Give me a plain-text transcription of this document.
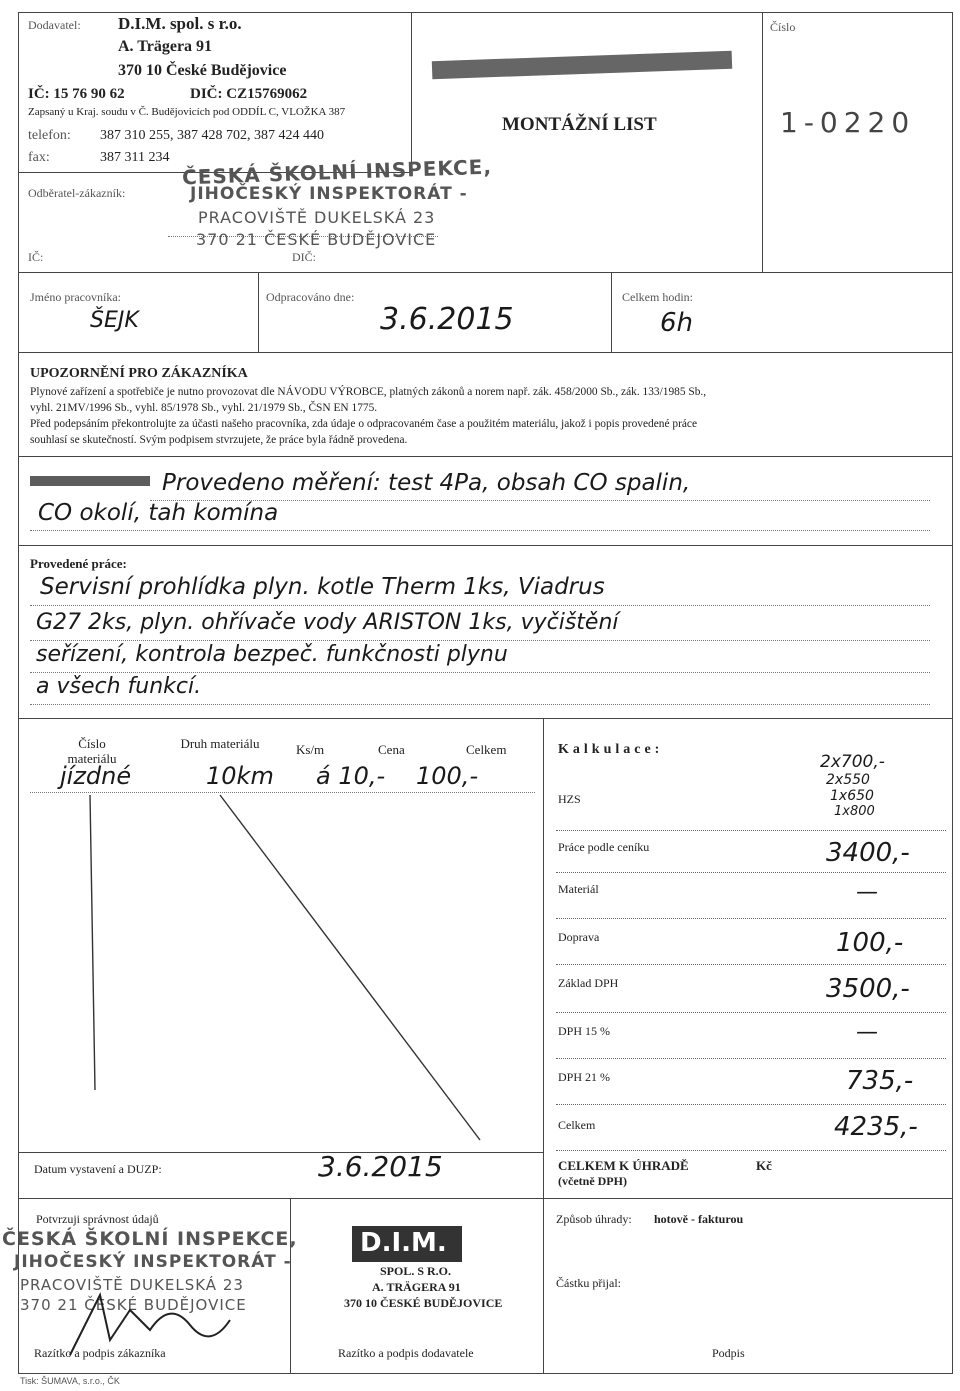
Dodavatel: D.I.M. spol. s r.o.
A. Trägera 91
370 10 České Budějovice
IČ: 15 76 90 62	DIČ: CZ15769062
Zapsaný u Kraj. soudu v Č. Budějovicích pod ODDÍL C, VLOŽKA 387
telefon: 387 310 255, 387 428 702, 387 424 440
fax:	387 311 234
MONTÁŽNÍ LIST
Číslo
1-0220
Odběratel-zákazník:
IČ:	DIČ:
ČESKÁ ŠKOLNÍ INSPEKCE,
JIHOČESKÝ INSPEKTORÁT -
PRACOVIŠTĚ DUKELSKÁ 23
370 21 ČESKÉ BUDĚJOVICE
Jméno pracovníka:
ŠEJK
Odpracováno dne:
3.6.2015
Celkem hodin:
6h
UPOZORNĚNÍ PRO ZÁKAZNÍKA
Plynové zařízení a spotřebiče je nutno provozovat dle NÁVODU VÝROBCE, platných zákonů a norem např. zák. 458/2000 Sb., zák. 133/1985 Sb.,
vyhl. 21MV/1996 Sb., vyhl. 85/1978 Sb., vyhl. 21/1979 Sb., ČSN EN 1775.
Před podepsáním překontrolujte za účasti našeho pracovníka, zda údaje o odpracovaném čase a použitém materiálu, jakož i popis provedené práce
souhlasí se skutečností. Svým podpisem stvrzujete, že práce byla řádně provedena.
Provedeno měření: test 4Pa, obsah CO spalin,
CO okolí, tah komína
Provedené práce:
Servisní prohlídka plyn. kotle Therm 1ks, Viadrus
G27 2ks, plyn. ohřívače vody ARISTON 1ks, vyčištění
seřízení, kontrola bezpeč. funkčnosti plynu
a všech funkcí.
Číslo materiálu
Druh materiálu	Ks/m	Cena	Celkem
jízdné	10km á 10,- 100,-
Kalkulace:
HZS
2x700,-
2x550
1x650
1x800
Práce podle ceníku	3400,-
Materiál	—
Doprava	100,-
Základ DPH	3500,-
DPH 15 %	—
DPH 21 %	735,-
Celkem	4235,-
CELKEM K ÚHRADĚ
(včetně DPH)
Kč
Datum vystavení a DUZP:	3.6.2015
Potvrzuji správnost údajů
ČESKÁ ŠKOLNÍ INSPEKCE,
JIHOČESKÝ INSPEKTORÁT -
PRACOVIŠTĚ DUKELSKÁ 23
370 21 ČESKÉ BUDĚJOVICE
Razítko a podpis zákazníka
D.I.M.
SPOL. S R.O.
A. TRÄGERA 91
370 10 ČESKÉ BUDĚJOVICE
Razítko a podpis dodavatele
Způsob úhrady: hotově - fakturou
Částku přijal:
Podpis
Tisk: ŠUMAVA, s.r.o., ČK
